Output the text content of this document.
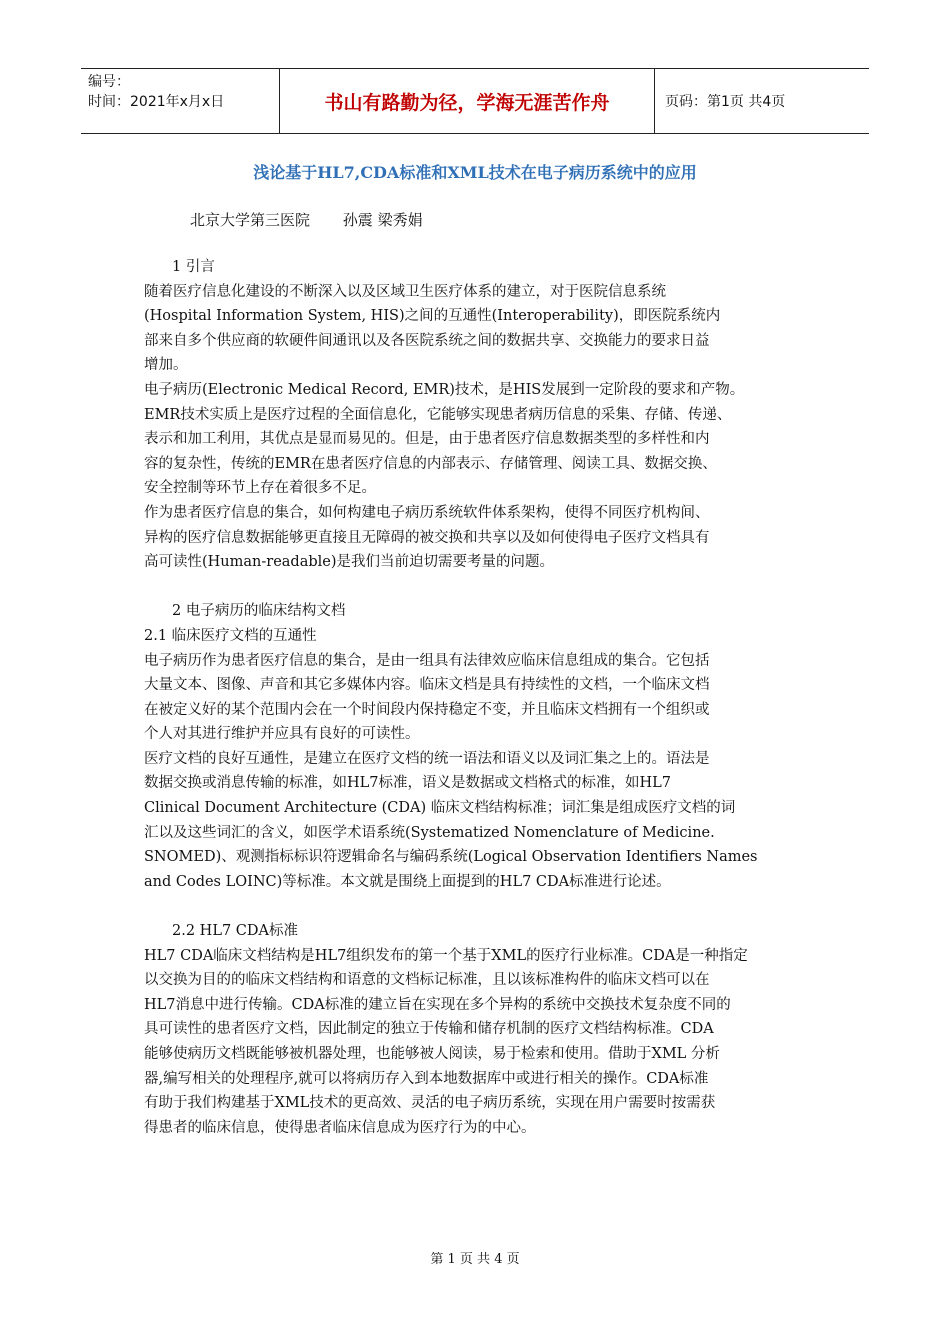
编号：
时间：2021年x月x日	书山有路勤为径，学海无涯苦作舟	页码：第1页 共4页
浅论基于HL7,CDA标准和XML技术在电子病历系统中的应用
北京大学第三医院 孙震 梁秀娟

1 引言

随着医疗信息化建设的不断深入以及区域卫生医疗体系的建立，对于医院信息系统

(Hospital Information System, HIS)之间的互通性(Interoperability)，即医院系统内

部来自多个供应商的软硬件间通讯以及各医院系统之间的数据共享、交换能力的要求日益

增加。

电子病历(Electronic Medical Record, EMR)技术，是HIS发展到一定阶段的要求和产物。

EMR技术实质上是医疗过程的全面信息化，它能够实现患者病历信息的采集、存储、传递、

表示和加工利用，其优点是显而易见的。但是，由于患者医疗信息数据类型的多样性和内

容的复杂性，传统的EMR在患者医疗信息的内部表示、存储管理、阅读工具、数据交换、

安全控制等环节上存在着很多不足。

作为患者医疗信息的集合，如何构建电子病历系统软件体系架构，使得不同医疗机构间、

异构的医疗信息数据能够更直接且无障碍的被交换和共享以及如何使得电子医疗文档具有

高可读性(Human-readable)是我们当前迫切需要考量的问题。

2 电子病历的临床结构文档

2.1 临床医疗文档的互通性

电子病历作为患者医疗信息的集合，是由一组具有法律效应临床信息组成的集合。它包括

大量文本、图像、声音和其它多媒体内容。临床文档是具有持续性的文档，一个临床文档

在被定义好的某个范围内会在一个时间段内保持稳定不变，并且临床文档拥有一个组织或

个人对其进行维护并应具有良好的可读性。

医疗文档的良好互通性，是建立在医疗文档的统一语法和语义以及词汇集之上的。语法是

数据交换或消息传输的标准，如HL7标准，语义是数据或文档格式的标准，如HL7

Clinical Document Architecture (CDA) 临床文档结构标准；词汇集是组成医疗文档的词

汇以及这些词汇的含义，如医学术语系统(Systematized Nomenclature of Medicine.

SNOMED)、观测指标标识符逻辑命名与编码系统(Logical Observation Identifiers Names

and Codes LOINC)等标准。本文就是围绕上面提到的HL7 CDA标准进行论述。

2.2 HL7 CDA标准

HL7 CDA临床文档结构是HL7组织发布的第一个基于XML的医疗行业标准。CDA是一种指定

以交换为目的的临床文档结构和语意的文档标记标准，且以该标准构件的临床文档可以在

HL7消息中进行传输。CDA标准的建立旨在实现在多个异构的系统中交换技术复杂度不同的

具可读性的患者医疗文档，因此制定的独立于传输和储存机制的医疗文档结构标准。CDA

能够使病历文档既能够被机器处理，也能够被人阅读，易于检索和使用。借助于XML 分析

器,编写相关的处理程序,就可以将病历存入到本地数据库中或进行相关的操作。CDA标准

有助于我们构建基于XML技术的更高效、灵活的电子病历系统，实现在用户需要时按需获

得患者的临床信息，使得患者临床信息成为医疗行为的中心。

第 1 页 共 4 页
